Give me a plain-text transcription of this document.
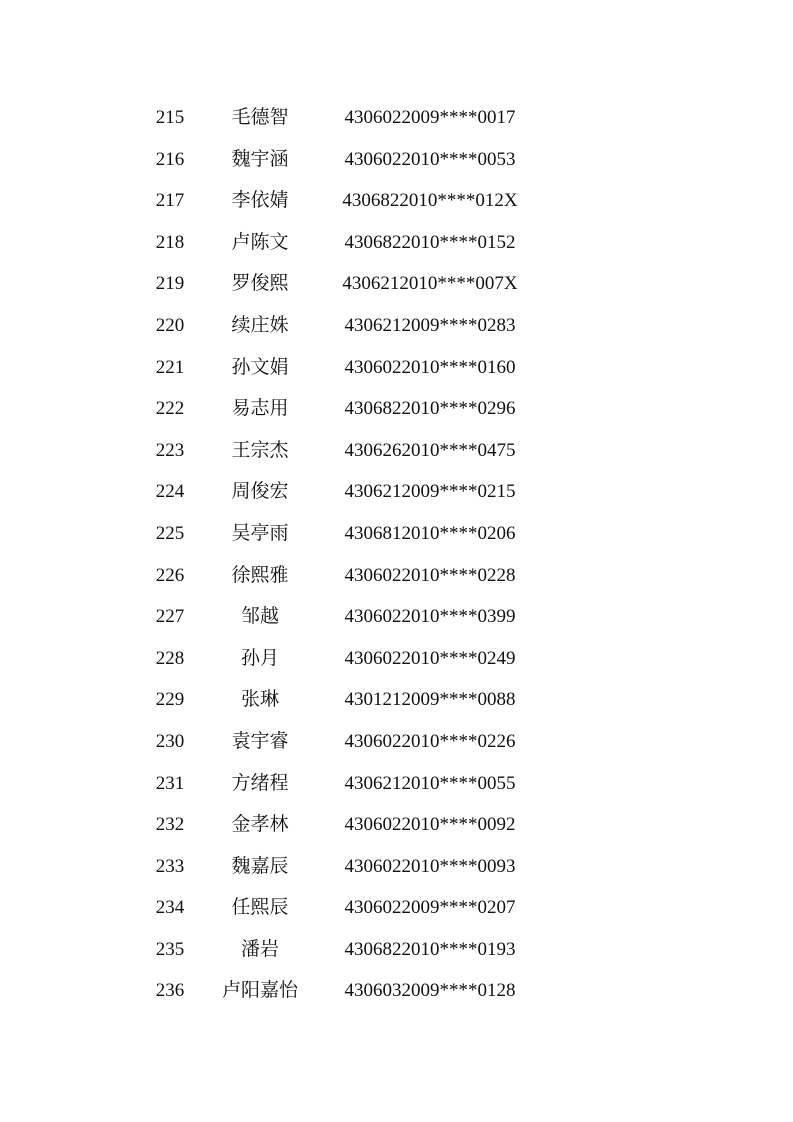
215	毛德智	4306022009****0017
216	魏宇涵	4306022010****0053
217	李依婧	4306822010****012X
218	卢陈文	4306822010****0152
219	罗俊熙	4306212010****007X
220	续庄姝	4306212009****0283
221	孙文娟	4306022010****0160
222	易志用	4306822010****0296
223	王宗杰	4306262010****0475
224	周俊宏	4306212009****0215
225	吴亭雨	4306812010****0206
226	徐熙雅	4306022010****0228
227	邹越	4306022010****0399
228	孙月	4306022010****0249
229	张琳	4301212009****0088
230	袁宇睿	4306022010****0226
231	方绪程	4306212010****0055
232	金孝林	4306022010****0092
233	魏嘉辰	4306022010****0093
234	任熙辰	4306022009****0207
235	潘岩	4306822010****0193
236	卢阳嘉怡	4306032009****0128
